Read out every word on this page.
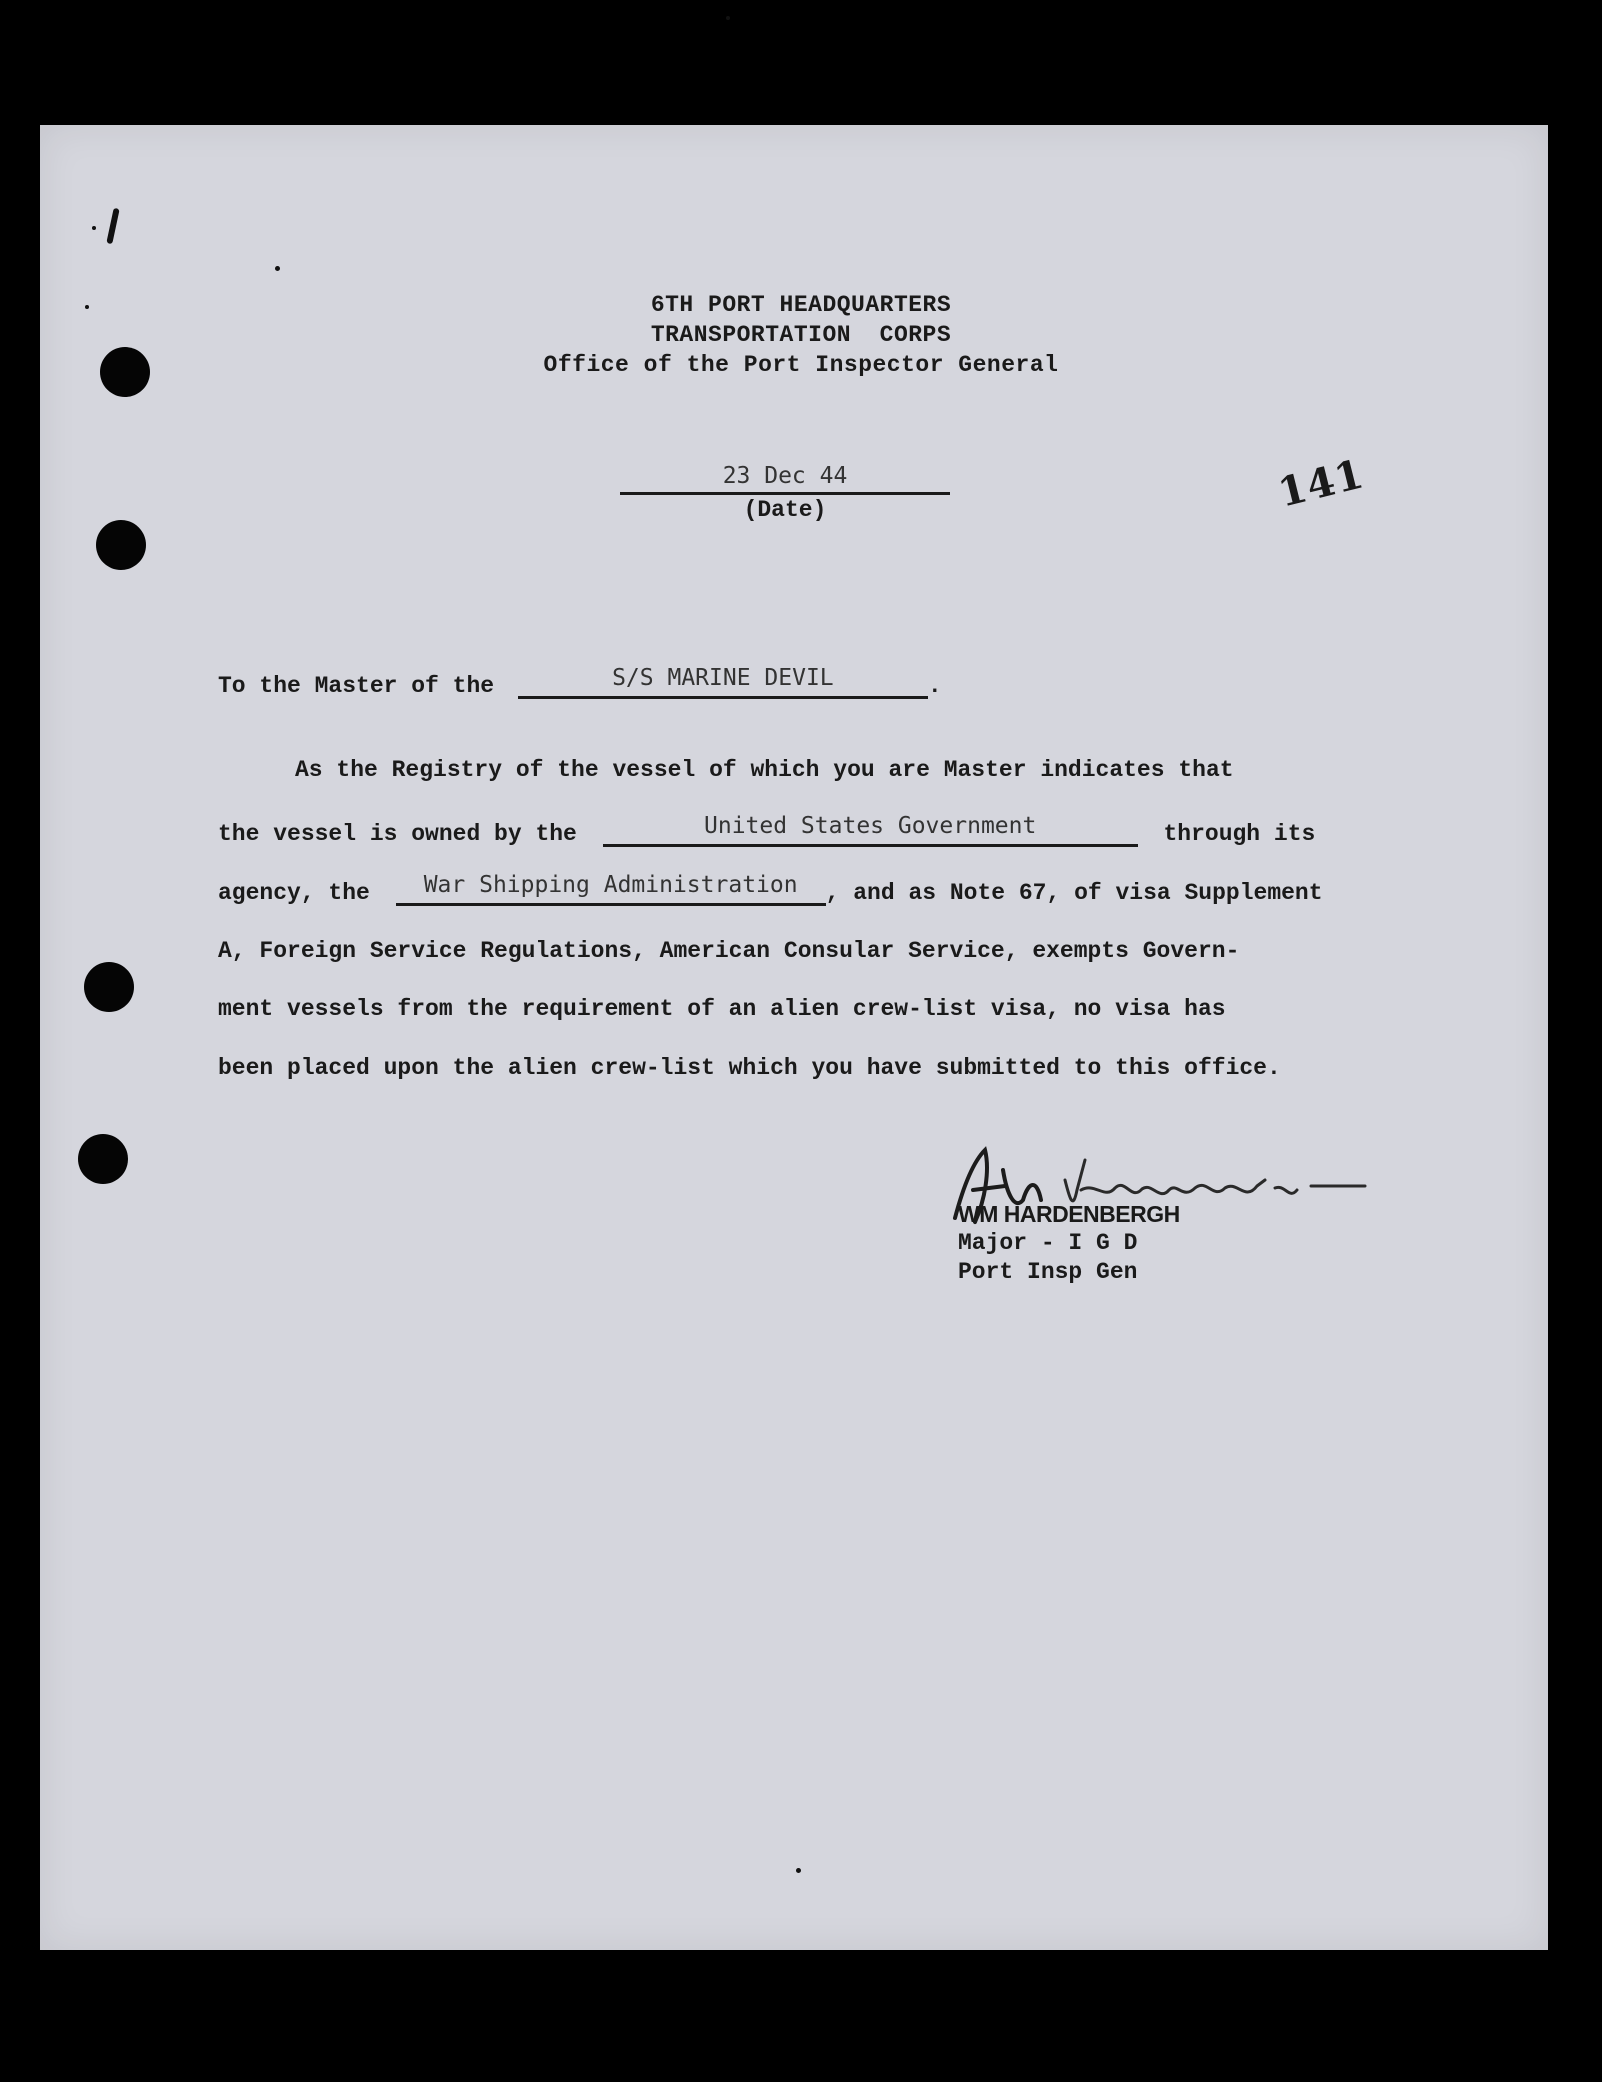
6TH PORT HEADQUARTERS
TRANSPORTATION  CORPS
Office of the Port Inspector General
23 Dec 44
(Date)	141
To the Master of the	S/S MARINE DEVIL	.
As the Registry of the vessel of which you are Master indicates that
the vessel is owned by the	United States Government	through its
agency, the War Shipping Administration , and as Note 67, of visa Supplement
A, Foreign Service Regulations, American Consular Service, exempts Govern-
ment vessels from the requirement of an alien crew-list visa, no visa has
been placed upon the alien crew-list which you have submitted to this office.
WM HARDENBERGH
Major - I G D
Port Insp Gen
